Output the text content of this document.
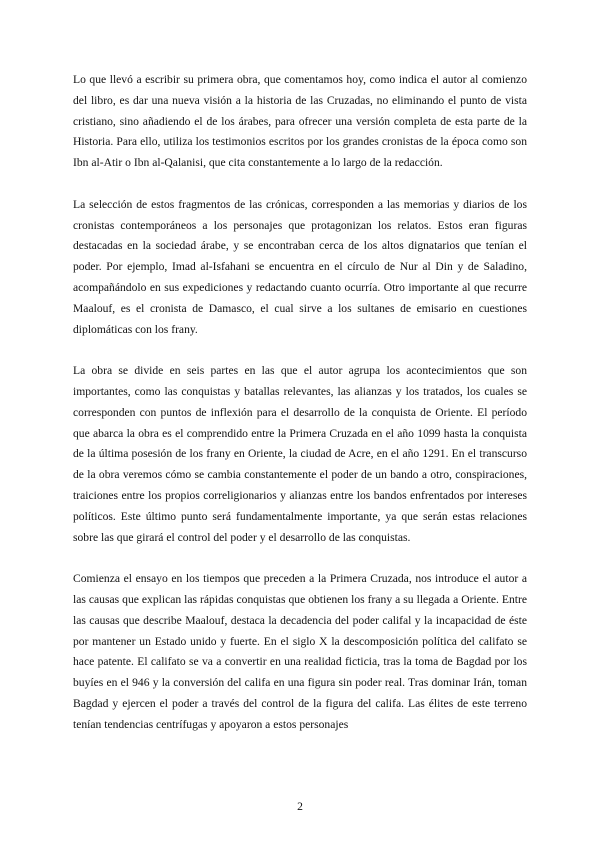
Lo que llevó a escribir su primera obra, que comentamos hoy, como indica el autor al comienzo del libro, es dar una nueva visión a la historia de las Cruzadas, no eliminando el punto de vista cristiano, sino añadiendo el de los árabes, para ofrecer una versión completa de esta parte de la Historia. Para ello, utiliza los testimonios escritos por los grandes cronistas de la época como son Ibn al-Atir o Ibn al-Qalanisi, que cita constantemente a lo largo de la redacción.

La selección de estos fragmentos de las crónicas, corresponden a las memorias y diarios de los cronistas contemporáneos a los personajes que protagonizan los relatos. Estos eran figuras destacadas en la sociedad árabe, y se encontraban cerca de los altos dignatarios que tenían el poder. Por ejemplo, Imad al-Isfahani se encuentra en el círculo de Nur al Din y de Saladino, acompañándolo en sus expediciones y redactando cuanto ocurría. Otro importante al que recurre Maalouf, es el cronista de Damasco, el cual sirve a los sultanes de emisario en cuestiones diplomáticas con los frany.

La obra se divide en seis partes en las que el autor agrupa los acontecimientos que son importantes, como las conquistas y batallas relevantes, las alianzas y los tratados, los cuales se corresponden con puntos de inflexión para el desarrollo de la conquista de Oriente. El período que abarca la obra es el comprendido entre la Primera Cruzada en el año 1099 hasta la conquista de la última posesión de los frany en Oriente, la ciudad de Acre, en el año 1291. En el transcurso de la obra veremos cómo se cambia constantemente el poder de un bando a otro, conspiraciones, traiciones entre los propios correligionarios y alianzas entre los bandos enfrentados por intereses políticos. Este último punto será fundamentalmente importante, ya que serán estas relaciones sobre las que girará el control del poder y el desarrollo de las conquistas.

Comienza el ensayo en los tiempos que preceden a la Primera Cruzada, nos introduce el autor a las causas que explican las rápidas conquistas que obtienen los frany a su llegada a Oriente. Entre las causas que describe Maalouf, destaca la decadencia del poder califal y la incapacidad de éste por mantener un Estado unido y fuerte. En el siglo X la descomposición política del califato se hace patente. El califato se va a convertir en una realidad ficticia, tras la toma de Bagdad por los buyíes en el 946 y la conversión del califa en una figura sin poder real. Tras dominar Irán, toman Bagdad y ejercen el poder a través del control de la figura del califa. Las élites de este terreno tenían tendencias centrífugas y apoyaron a estos personajes

2
